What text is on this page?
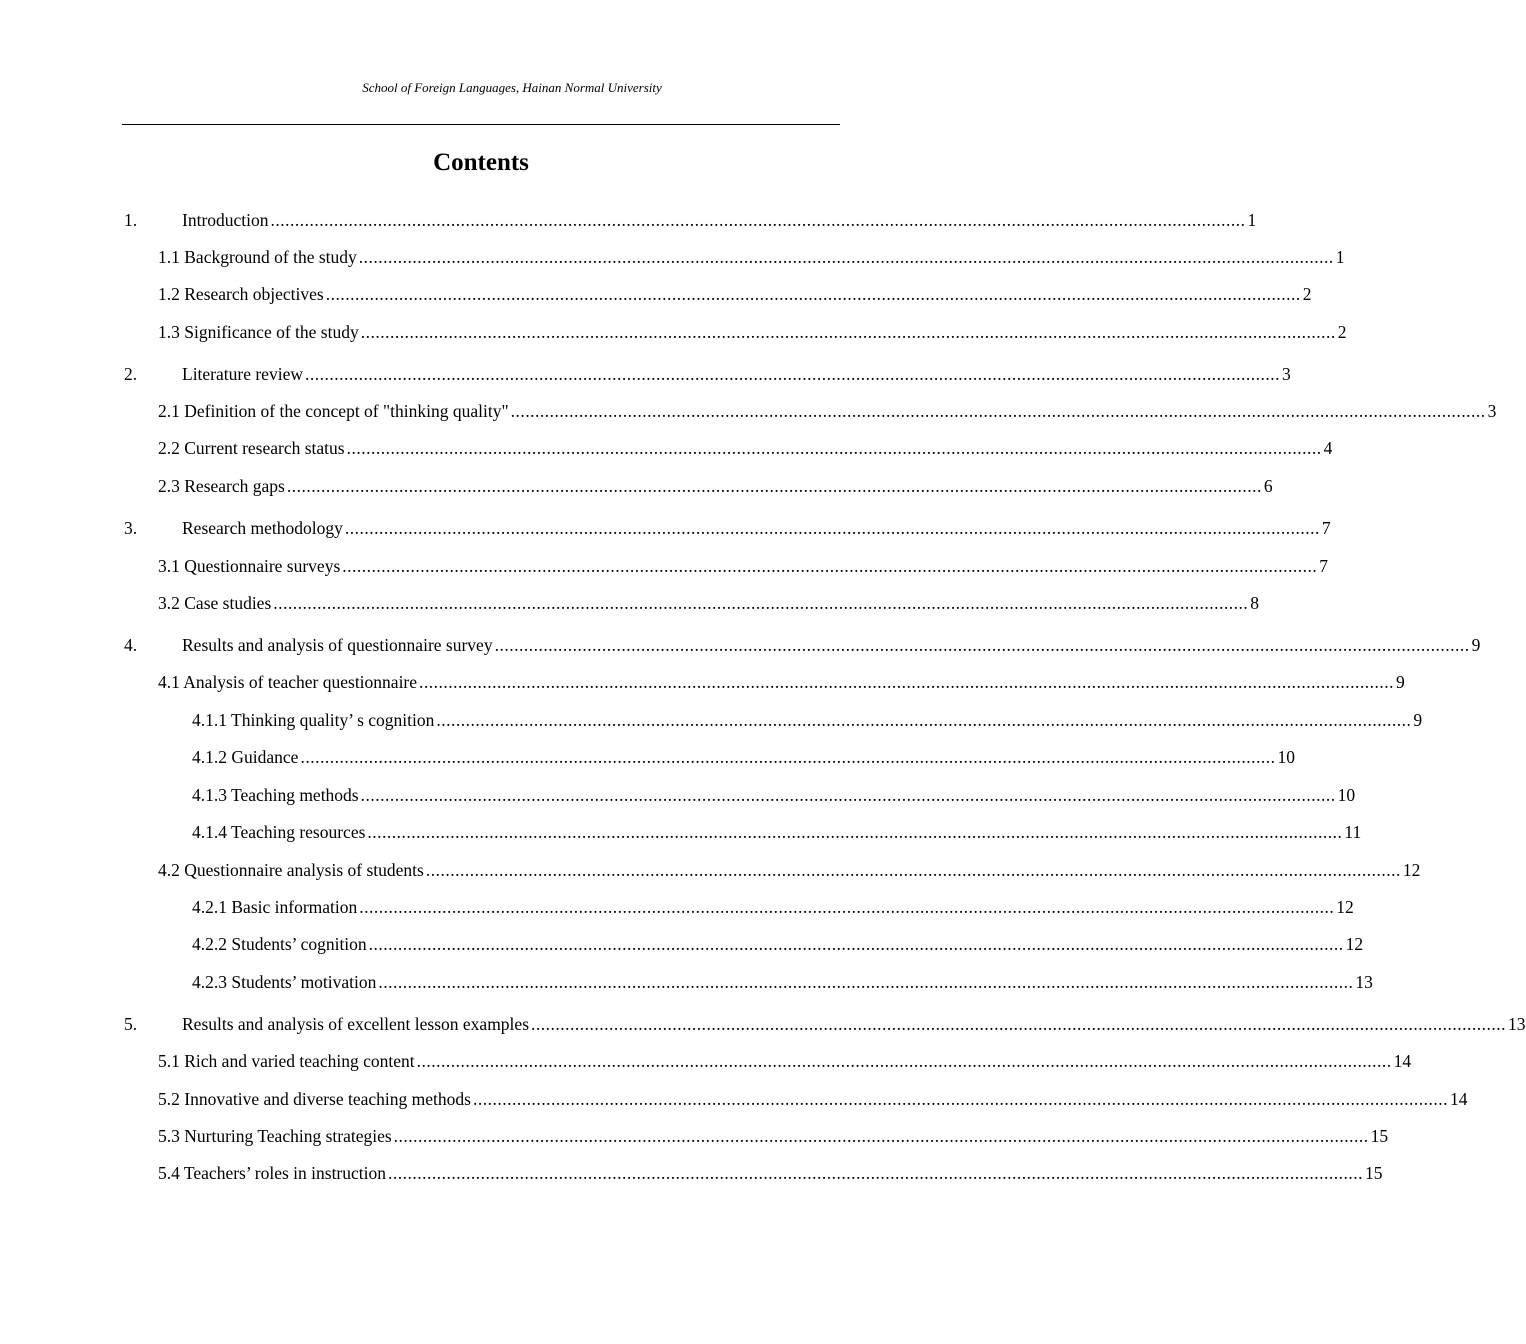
School of Foreign Languages, Hainan Normal University
Contents
1.	Introduction ........................................................................................................................................................................................................ 1
1.1 Background of the study ........................................................................................................................................................................................................ 1
1.2 Research objectives ........................................................................................................................................................................................................ 2
1.3 Significance of the study ........................................................................................................................................................................................................ 2
2.	Literature review ........................................................................................................................................................................................................ 3
2.1 Definition of the concept of "thinking quality" ........................................................................................................................................................................................................ 3
2.2 Current research status ........................................................................................................................................................................................................ 4
2.3 Research gaps ........................................................................................................................................................................................................ 6
3.	Research methodology ........................................................................................................................................................................................................ 7
3.1 Questionnaire surveys ........................................................................................................................................................................................................ 7
3.2 Case studies ........................................................................................................................................................................................................ 8
4.	Results and analysis of questionnaire survey ........................................................................................................................................................................................................ 9
4.1 Analysis of teacher questionnaire ........................................................................................................................................................................................................ 9
4.1.1 Thinking quality’ s cognition ........................................................................................................................................................................................................ 9
4.1.2 Guidance ........................................................................................................................................................................................................ 10
4.1.3 Teaching methods ........................................................................................................................................................................................................ 10
4.1.4 Teaching resources ........................................................................................................................................................................................................ 11
4.2 Questionnaire analysis of students ........................................................................................................................................................................................................ 12
4.2.1 Basic information ........................................................................................................................................................................................................ 12
4.2.2 Students’ cognition ........................................................................................................................................................................................................ 12
4.2.3 Students’ motivation ........................................................................................................................................................................................................ 13
5.	Results and analysis of excellent lesson examples ........................................................................................................................................................................................................ 13
5.1 Rich and varied teaching content ........................................................................................................................................................................................................ 14
5.2 Innovative and diverse teaching methods ........................................................................................................................................................................................................ 14
5.3 Nurturing Teaching strategies ........................................................................................................................................................................................................ 15
5.4 Teachers’ roles in instruction ........................................................................................................................................................................................................ 15
